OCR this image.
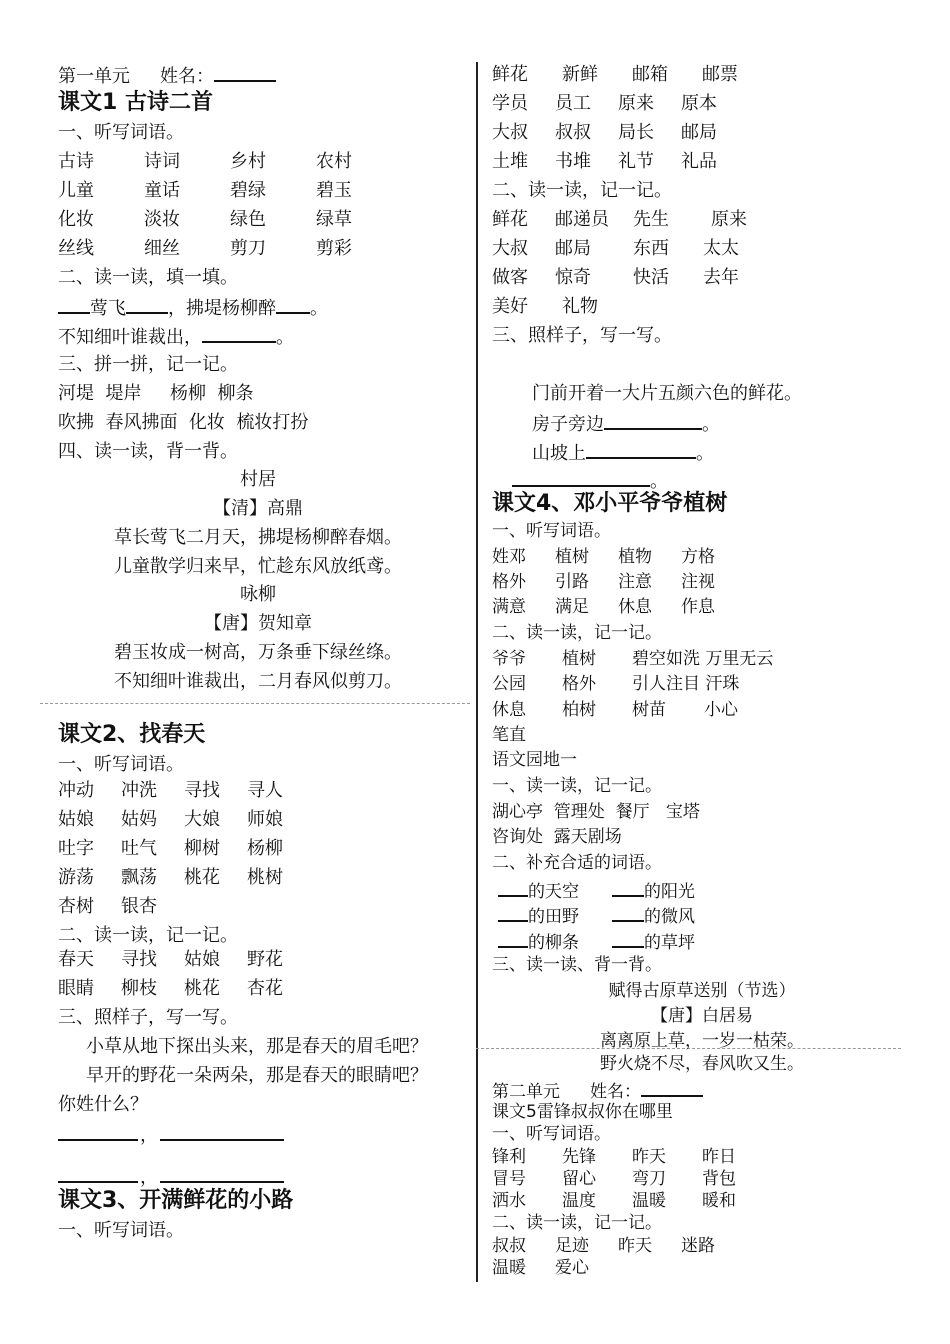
第一单元 姓名：
课文1 古诗二首
一、听写词语。
古诗	诗词	乡村	农村
儿童	童话	碧绿	碧玉
化妆	淡妆	绿色	绿草
丝线	细丝	剪刀	剪彩
二、读一读，填一填。
莺飞 ，拂堤杨柳醉 。
不知细叶谁裁出，	。
三、拼一拼，记一记。
河堤  堤岸     杨柳  柳条
吹拂  春风拂面  化妆  梳妆打扮
四、读一读，背一背。
村居
【清】高鼎
草长莺飞二月天，拂堤杨柳醉春烟。
儿童散学归来早，忙趁东风放纸鸢。
咏柳
【唐】贺知章
碧玉妆成一树高，万条垂下绿丝绦。
不知细叶谁裁出，二月春风似剪刀。
课文2、找春天
一、听写词语。
冲动 冲洗 寻找 寻人
姑娘 姑妈 大娘 师娘
吐字 吐气 柳树 杨柳
游荡 飘荡 桃花 桃树
杏树 银杏
二、读一读，记一记。
春天 寻找 姑娘 野花
眼睛 柳枝 桃花 杏花
三、照样子，写一写。
小草从地下探出头来，那是春天的眉毛吧？
早开的野花一朵两朵，那是春天的眼睛吧？
你姓什么？
，
，
课文3、开满鲜花的小路
一、听写词语。
鲜花 新鲜 邮箱 邮票
学员 员工 原来 原本
大叔 叔叔 局长 邮局
土堆 书堆 礼节 礼品
二、读一读，记一记。
鲜花 邮递员 先生 原来
大叔 邮局 东西 太太
做客 惊奇 快活 去年
美好 礼物
三、照样子，写一写。
门前开着一大片五颜六色的鲜花。
房子旁边	。
山坡上	。
。
课文4、邓小平爷爷植树
一、听写词语。
姓邓 植树 植物 方格
格外 引路 注意 注视
满意 满足 休息 作息
二、读一读，记一记。
爷爷 植树 碧空如洗 万里无云
公园 格外 引人注目 汗珠
休息 柏树 树苗 小心
笔直
语文园地一
一、读一读，记一记。
湖心亭  管理处  餐厅   宝塔
咨询处  露天剧场
二、补充合适的词语。
的天空	的阳光
的田野	的微风
的柳条	的草坪
三、读一读、背一背。
赋得古原草送别（节选）
【唐】白居易
离离原上草，一岁一枯荣。
野火烧不尽，春风吹又生。
第二单元 姓名：
课文5雷锋叔叔你在哪里
一、听写词语。
锋利 先锋 昨天 昨日
冒号 留心 弯刀 背包
洒水 温度 温暖 暖和
二、读一读，记一记。
叔叔 足迹 昨天 迷路
温暖 爱心
